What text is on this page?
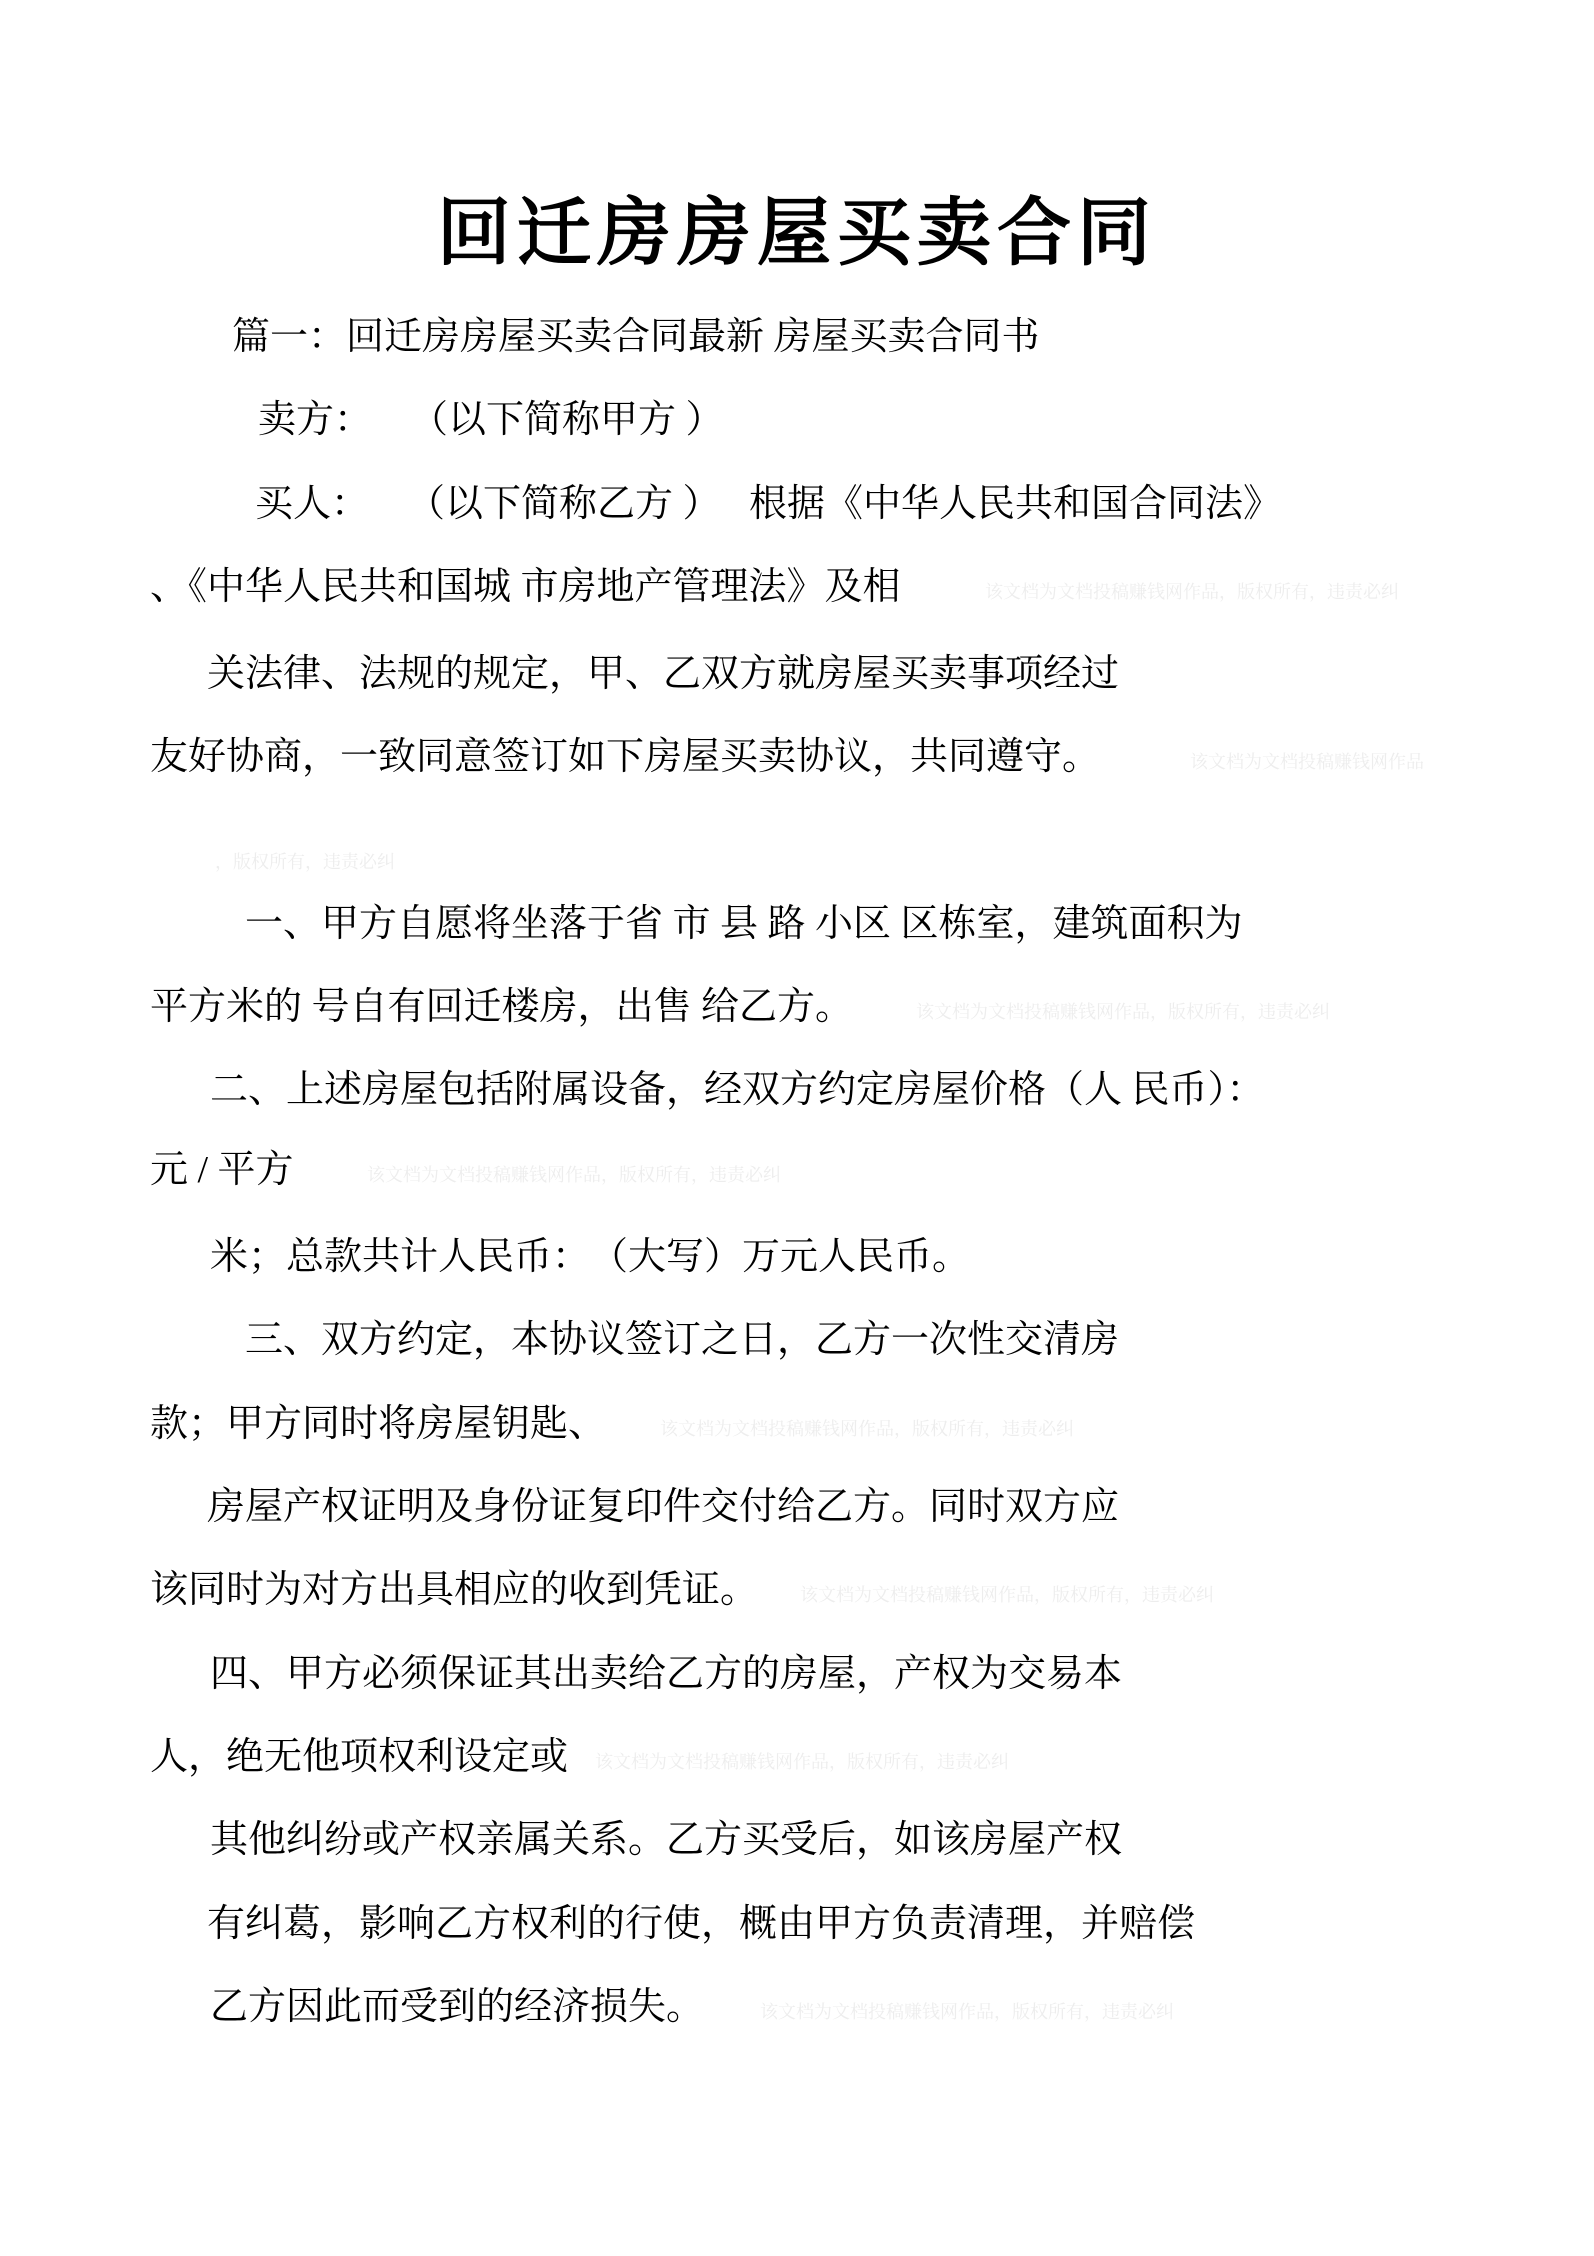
回迁房房屋买卖合同
篇一：回迁房房屋买卖合同最新 房屋买卖合同书
卖方：　　（以下简称甲方 ）
买人：　　（以下简称乙方 ）　 根据《中华人民共和国合同法》
、《中华人民共和国城 市房地产管理法》及相	该文档为文档投稿赚钱网作品，版权所有，违责必纠
关法律、法规的规定，甲、乙双方就房屋买卖事项经过
友好协商，一致同意签订如下房屋买卖协议，共同遵守。	该文档为文档投稿赚钱网作品
，版权所有，违责必纠
一、甲方自愿将坐落于省 市 县 路 小区 区栋室，建筑面积为
平方米的 号自有回迁楼房，出售 给乙方。	该文档为文档投稿赚钱网作品，版权所有，违责必纠
二、上述房屋包括附属设备，经双方约定房屋价格（人 民币）：
元 / 平方	该文档为文档投稿赚钱网作品，版权所有，违责必纠
米；总款共计人民币：　（大写）万元人民币。
三、双方约定，本协议签订之日，乙方一次性交清房
款；甲方同时将房屋钥匙、	该文档为文档投稿赚钱网作品，版权所有，违责必纠
房屋产权证明及身份证复印件交付给乙方。同时双方应
该同时为对方出具相应的收到凭证。 该文档为文档投稿赚钱网作品，版权所有，违责必纠
四、甲方必须保证其出卖给乙方的房屋，产权为交易本
人，绝无他项权利设定或 该文档为文档投稿赚钱网作品，版权所有，违责必纠
其他纠纷或产权亲属关系。乙方买受后，如该房屋产权
有纠葛，影响乙方权利的行使，概由甲方负责清理，并赔偿
乙方因此而受到的经济损失。	该文档为文档投稿赚钱网作品，版权所有，违责必纠
